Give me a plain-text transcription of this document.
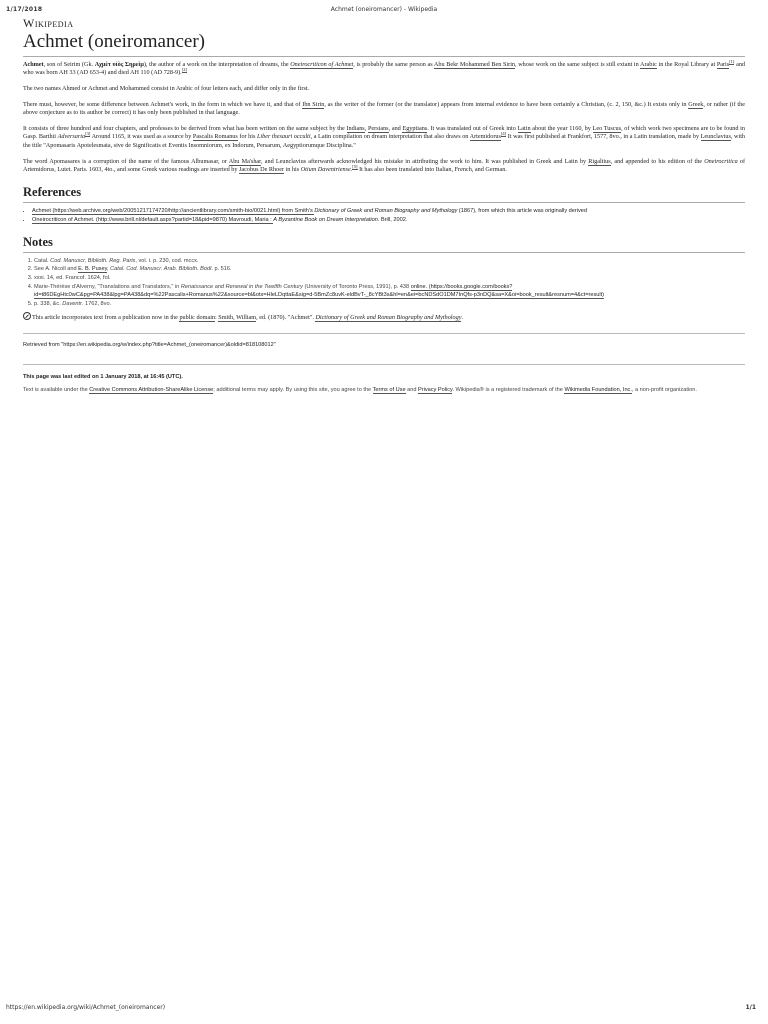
1/17/2018	Achmet (oneiromancer) - Wikipedia
Wikipedia
Achmet (oneiromancer)

Achmet, son of Seirim (Gk. Αχμὲτ υἱὸς Σηρεὶμ), the author of a work on the interpretation of dreams, the Oneirocriticon of Achmet, is probably the same person as Abu Bekr Mohammed Ben Sirin, whose work on the same subject is still extant in Arabic in the Royal Library at Paris[1] and who was born AH 33 (AD 653-4) and died AH 110 (AD 728-9).[2]

The two names Ahmed or Achmet and Mohammed consist in Arabic of four letters each, and differ only in the first.

There must, however, be some difference between Achmet's work, in the form in which we have it, and that of Ibn Sirin, as the writer of the former (or the translator) appears from internal evidence to have been certainly a Christian, (c. 2, 150, &c.) It exists only in Greek, or rather (if the above conjecture as to its author be correct) it has only been published in that language.

It consists of three hundred and four chapters, and professes to be derived from what has been written on the same subject by the Indians, Persians, and Egyptians. It was translated out of Greek into Latin about the year 1160, by Leo Tuscus, of which work two specimens are to be found in Gasp. Barthii Adversaria[3] Around 1165, it was used as a source by Pascalis Romanus for his Liber thesauri occulti, a Latin compilation on dream interpretation that also draws on Artemidorus[4] It was first published at Frankfort, 1577, 8vo., in a Latin translation, made by Leunclavius, with the title "Apomasaris Apotelesmata, sive de Significatis et Eventis Insomniorum, ex Indorum, Persarum, Aegyptiorumque Disciplina."

The word Apomasares is a corruption of the name of the famous Albumasar, or Abu Ma'shar, and Leunclavius afterwards acknowledged his mistake in attributing the work to him. It was published in Greek and Latin by Rigaltius, and appended to his edition of the Oneirocritica of Artemidorus, Lutet. Paris. 1603, 4to., and some Greek various readings are inserted by Jacobus De Rhoer in his Otium Daventriense.[5] It has also been translated into Italian, French, and German.

References
• Achmet (https://web.archive.org/web/20051217174720/http://ancientlibrary.com/smith-bio/0021.html) from Smith's Dictionary of Greek and Roman Biography and Mythology (1867), from which this article was originally derived
• Oneirocriticon of Achmet. (http://www.brill.nl/default.aspx?partid=18&pid=9870) Mavroudi, Maria : A Byzantine Book on Dream Interpretation. Brill, 2002.
Notes
1. Catal. Cod. Manuscr, Biblioth. Reg. Paris, vol. i. p. 230, cod. mccx.
2. See A. Nicoll and E. B. Pusey, Catal. Cod. Manuscr. Arab. Biblioth. Bodl. p. 516.
3. xxxi. 14, ed. Francof. 1624, fol.
4. Marie-Thérèse d'Alverny, "Translations and Translators," in Renaissance and Renewal in the Twelfth Century (University of Toronto Press, 1991), p. 438 online. (https://books.google.com/books?id=t86DEgHtc0wC&pg=PA438&lpg=PA438&dq=%22Pascalis+Romanus%22&source=bl&ots=HleLDqttaE&sig=d-5BmZc8uvK-eldBvT-_8cYBt3s&hl=en&ei=bcNDSdO1DM7InQfs-p3nDQ&sa=X&oi=book_result&resnum=4&ct=result)
5. p. 338, &c. Daventr. 1762, 8vo.

This article incorporates text from a publication now in the public domain: Smith, William, ed. (1870). "Achmet". Dictionary of Greek and Roman Biography and Mythology.

Retrieved from "https://en.wikipedia.org/w/index.php?title=Achmet_(oneiromancer)&oldid=818108012"
This page was last edited on 1 January 2018, at 16:45 (UTC).
Text is available under the Creative Commons Attribution-ShareAlike License; additional terms may apply. By using this site, you agree to the Terms of Use and Privacy Policy. Wikipedia® is a registered trademark of the Wikimedia Foundation, Inc., a non-profit organization.
https://en.wikipedia.org/wiki/Achmet_(oneiromancer)	1/1
